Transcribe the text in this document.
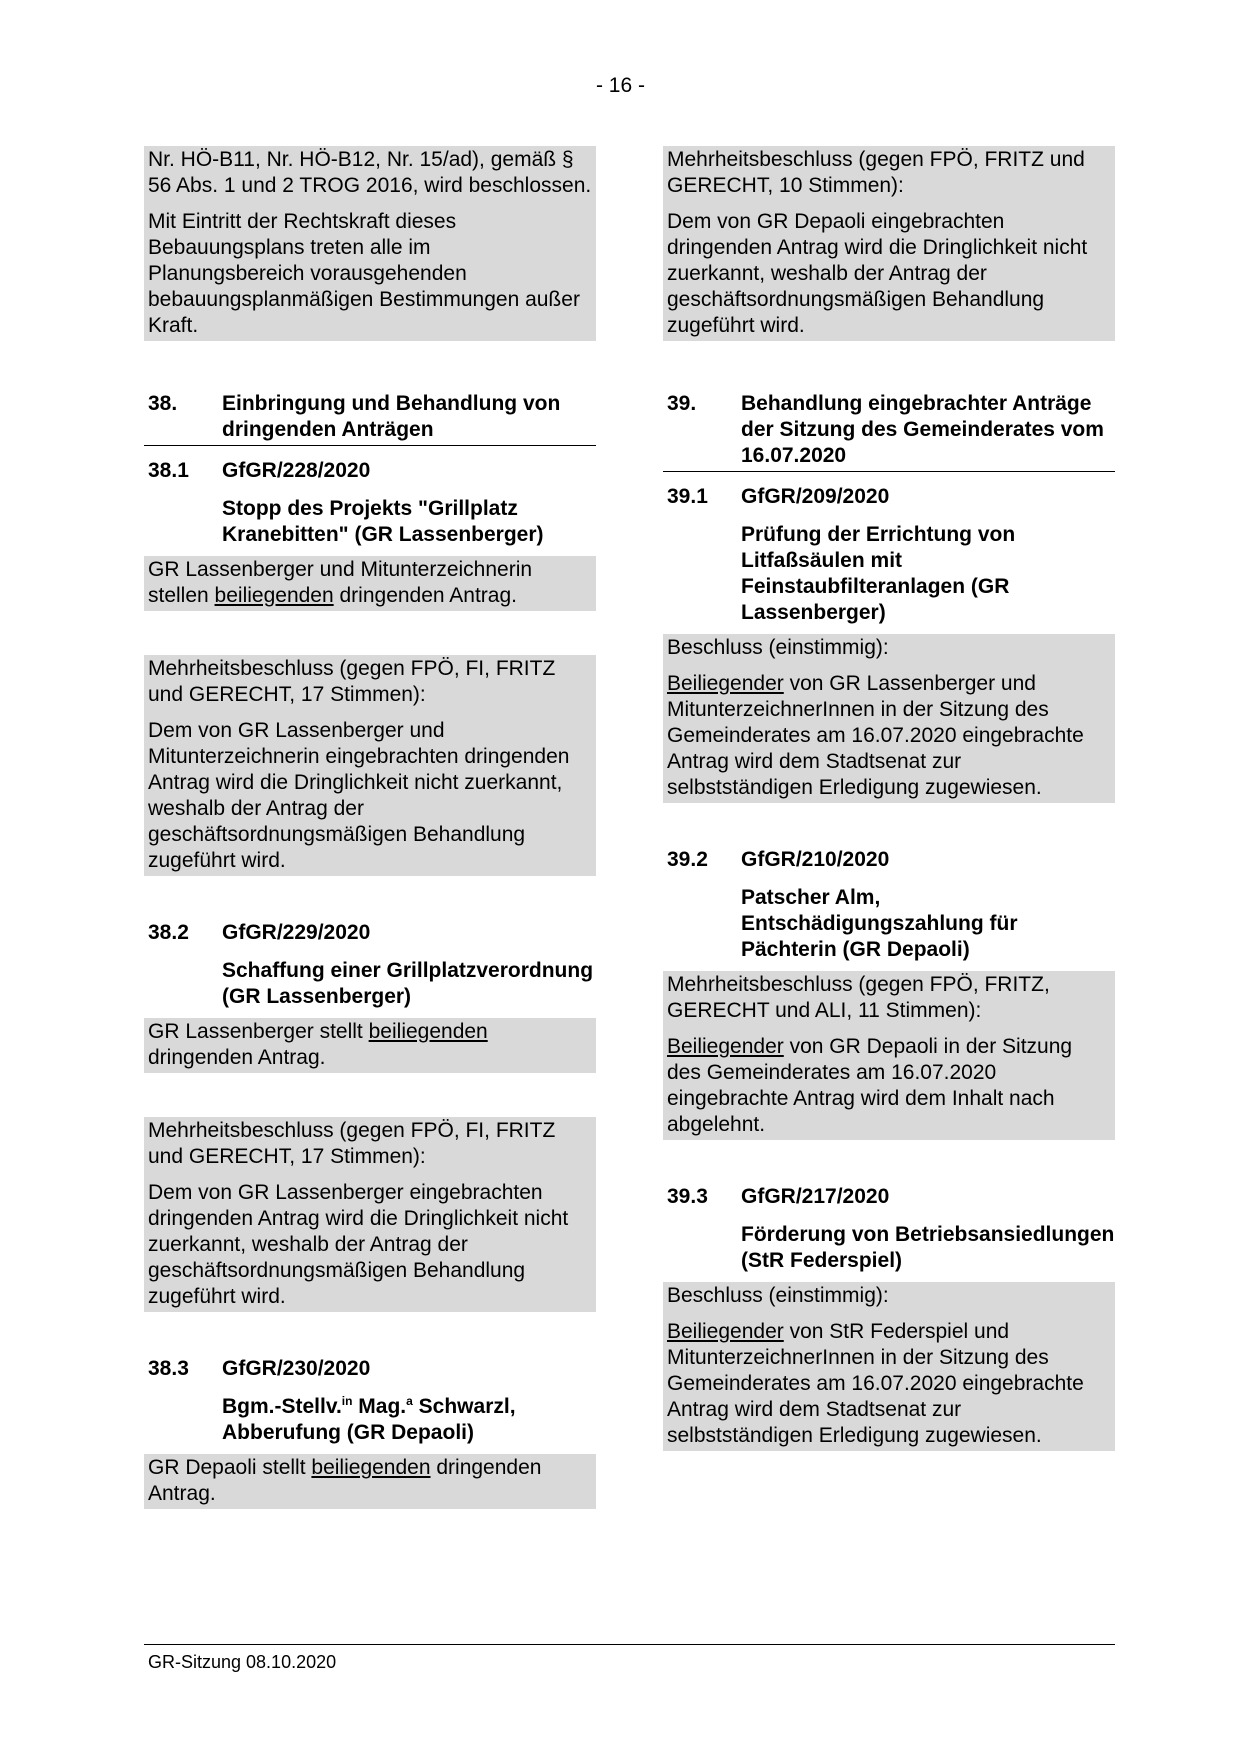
- 16 -

Nr. HÖ-B11, Nr. HÖ-B12, Nr. 15/ad), gemäß § 56 Abs. 1 und 2 TROG 2016, wird beschlossen.

Mit Eintritt der Rechtskraft dieses Bebauungsplans treten alle im Planungsbereich vorausgehenden bebauungsplanmäßigen Bestimmungen außer Kraft.

38.	Einbringung und Behandlung von dringenden Anträgen
38.1	GfGR/228/2020
Stopp des Projekts "Grillplatz Kranebitten" (GR Lassenberger)

GR Lassenberger und Mitunterzeichnerin stellen beiliegenden dringenden Antrag.

Mehrheitsbeschluss (gegen FPÖ, FI, FRITZ und GERECHT, 17 Stimmen):

Dem von GR Lassenberger und Mitunterzeichnerin eingebrachten dringenden Antrag wird die Dringlichkeit nicht zuerkannt, weshalb der Antrag der geschäftsordnungsmäßigen Behandlung zugeführt wird.

38.2	GfGR/229/2020
Schaffung einer Grillplatzverordnung (GR Lassenberger)

GR Lassenberger stellt beiliegenden dringenden Antrag.

Mehrheitsbeschluss (gegen FPÖ, FI, FRITZ und GERECHT, 17 Stimmen):

Dem von GR Lassenberger eingebrachten dringenden Antrag wird die Dringlichkeit nicht zuerkannt, weshalb der Antrag der geschäftsordnungsmäßigen Behandlung zugeführt wird.

38.3	GfGR/230/2020
Bgm.-Stellv.$^{in}$ Mag.$^a$ Schwarzl, Abberufung (GR Depaoli)

GR Depaoli stellt beiliegenden dringenden Antrag.

Mehrheitsbeschluss (gegen FPÖ, FRITZ und GERECHT, 10 Stimmen):

Dem von GR Depaoli eingebrachten dringenden Antrag wird die Dringlichkeit nicht zuerkannt, weshalb der Antrag der geschäftsordnungsmäßigen Behandlung zugeführt wird.

39.	Behandlung eingebrachter Anträge der Sitzung des Gemeinderates vom 16.07.2020
39.1	GfGR/209/2020
Prüfung der Errichtung von Litfaßsäulen mit Feinstaubfilteranlagen (GR Lassenberger)

Beschluss (einstimmig):

Beiliegender von GR Lassenberger und MitunterzeichnerInnen in der Sitzung des Gemeinderates am 16.07.2020 eingebrachte Antrag wird dem Stadtsenat zur selbstständigen Erledigung zugewiesen.

39.2	GfGR/210/2020
Patscher Alm, Entschädigungszahlung für Pächterin (GR Depaoli)

Mehrheitsbeschluss (gegen FPÖ, FRITZ, GERECHT und ALI, 11 Stimmen):

Beiliegender von GR Depaoli in der Sitzung des Gemeinderates am 16.07.2020 eingebrachte Antrag wird dem Inhalt nach abgelehnt.

39.3	GfGR/217/2020
Förderung von Betriebsansiedlungen (StR Federspiel)

Beschluss (einstimmig):

Beiliegender von StR Federspiel und MitunterzeichnerInnen in der Sitzung des Gemeinderates am 16.07.2020 eingebrachte Antrag wird dem Stadtsenat zur selbstständigen Erledigung zugewiesen.

GR-Sitzung 08.10.2020
